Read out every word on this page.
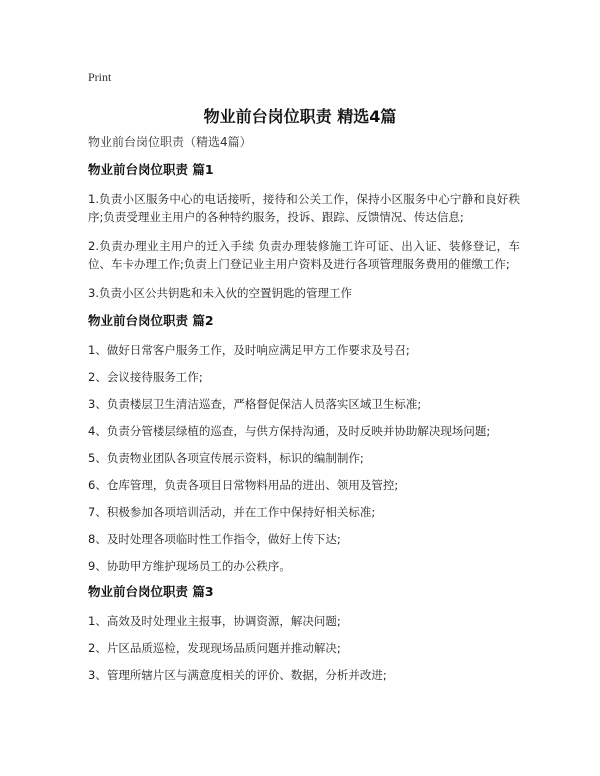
Print
物业前台岗位职责 精选4篇

物业前台岗位职责（精选4篇）

物业前台岗位职责 篇1

1.负责小区服务中心的电话接听，接待和公关工作，保持小区服务中心宁静和良好秩序;负责受理业主用户的各种特约服务，投诉、跟踪、反馈情况、传达信息;

2.负责办理业主用户的迁入手续 负责办理装修施工许可证、出入证、装修登记，车位、车卡办理工作;负责上门登记业主用户资料及进行各项管理服务费用的催缴工作;

3.负责小区公共钥匙和未入伙的空置钥匙的管理工作

物业前台岗位职责 篇2

1、做好日常客户服务工作，及时响应满足甲方工作要求及号召;

2、会议接待服务工作;

3、负责楼层卫生清洁巡查，严格督促保洁人员落实区域卫生标准;

4、负责分管楼层绿植的巡查，与供方保持沟通，及时反映并协助解决现场问题;

5、负责物业团队各项宣传展示资料，标识的编制制作;

6、仓库管理，负责各项目日常物料用品的进出、领用及管控;

7、积极参加各项培训活动，并在工作中保持好相关标准;

8、及时处理各项临时性工作指令，做好上传下达;

9、协助甲方维护现场员工的办公秩序。

物业前台岗位职责 篇3

1、高效及时处理业主报事，协调资源，解决问题;

2、片区品质巡检，发现现场品质问题并推动解决;

3、管理所辖片区与满意度相关的评价、数据，分析并改进;
